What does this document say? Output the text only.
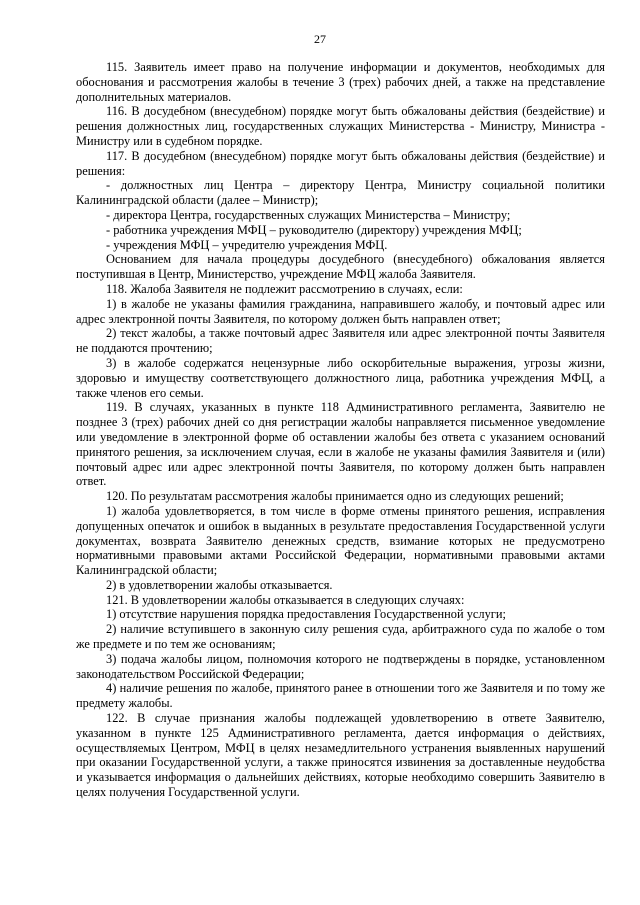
27

115. Заявитель имеет право на получение информации и документов, необходимых для обоснования и рассмотрения жалобы в течение 3 (трех) рабочих дней, а также на представление дополнительных материалов.

116. В досудебном (внесудебном) порядке могут быть обжалованы действия (бездействие) и решения должностных лиц, государственных служащих Министерства - Министру, Министра - Министру или в судебном порядке.

117. В досудебном (внесудебном) порядке могут быть обжалованы действия (бездействие) и решения:

- должностных лиц Центра – директору Центра, Министру социальной политики Калининградской области (далее – Министр);

- директора Центра, государственных служащих Министерства – Министру;

- работника учреждения МФЦ – руководителю (директору) учреждения МФЦ;

- учреждения МФЦ – учредителю учреждения МФЦ.

Основанием для начала процедуры досудебного (внесудебного) обжалования является поступившая в Центр, Министерство, учреждение МФЦ жалоба Заявителя.

118. Жалоба Заявителя не подлежит рассмотрению в случаях, если:

1) в жалобе не указаны фамилия гражданина, направившего жалобу, и почтовый адрес или адрес электронной почты Заявителя, по которому должен быть направлен ответ;

2) текст жалобы, а также почтовый адрес Заявителя или адрес электронной почты Заявителя не поддаются прочтению;

3) в жалобе содержатся нецензурные либо оскорбительные выражения, угрозы жизни, здоровью и имуществу соответствующего должностного лица, работника учреждения МФЦ, а также членов его семьи.

119. В случаях, указанных в пункте 118 Административного регламента, Заявителю не позднее 3 (трех) рабочих дней со дня регистрации жалобы направляется письменное уведомление или уведомление в электронной форме об оставлении жалобы без ответа с указанием оснований принятого решения, за исключением случая, если в жалобе не указаны фамилия Заявителя и (или) почтовый адрес или адрес электронной почты Заявителя, по которому должен быть направлен ответ.

120. По результатам рассмотрения жалобы принимается одно из следующих решений;

1) жалоба удовлетворяется, в том числе в форме отмены принятого решения, исправления допущенных опечаток и ошибок в выданных в результате предоставления Государственной услуги документах, возврата Заявителю денежных средств, взимание которых не предусмотрено нормативными правовыми актами Российской Федерации, нормативными правовыми актами Калининградской области;

2) в удовлетворении жалобы отказывается.

121. В удовлетворении жалобы отказывается в следующих случаях:

1) отсутствие нарушения порядка предоставления Государственной услуги;

2) наличие вступившего в законную силу решения суда, арбитражного суда по жалобе о том же предмете и по тем же основаниям;

3) подача жалобы лицом, полномочия которого не подтверждены в порядке, установленном законодательством Российской Федерации;

4) наличие решения по жалобе, принятого ранее в отношении того же Заявителя и по тому же предмету жалобы.

122. В случае признания жалобы подлежащей удовлетворению в ответе Заявителю, указанном в пункте 125 Административного регламента, дается информация о действиях, осуществляемых Центром, МФЦ в целях незамедлительного устранения выявленных нарушений при оказании Государственной услуги, а также приносятся извинения за доставленные неудобства и указывается информация о дальнейших действиях, которые необходимо совершить Заявителю в целях получения Государственной услуги.
